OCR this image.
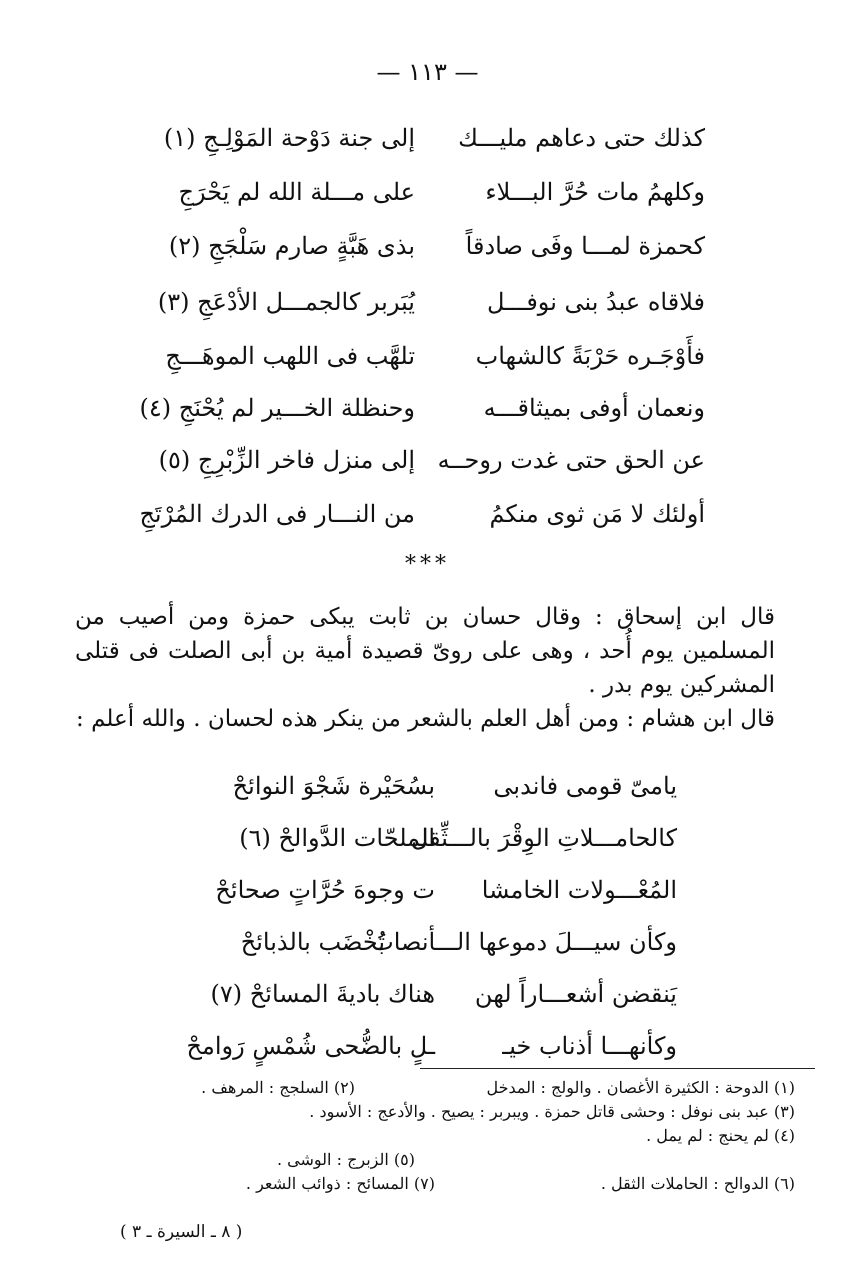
— ١١٣ —
كذلك حتى دعاهم مليـــك
إلى جنة دَوْحة المَوْلِـجِ (١)
وكلهمُ مات حُرَّ البـــلاء
على مـــلة الله لم يَحْرَجِ
كحمزة لمـــا وفَى صادقاً
بذى هَبَّةٍ صارم سَلْجَجِ (٢)
فلاقاه عبدُ بنى نوفـــل
يُبَربر كالجمـــل الأدْعَجِ (٣)
فأَوْجَـره حَرْبَةً كالشهاب
تلهَّب فى اللهب الموهَـــجِ
ونعمان أوفى بميثاقـــه
وحنظلة الخـــير لم يُحْنَجِ (٤)
عن الحق حتى غدت روحــه
إلى منزل فاخر الزِّبْرِجِ (٥)
أولئك لا مَن ثوى منكمُ
من النـــار فى الدرك المُرْتَجِ
***
قال ابن إسحاق : وقال حسان بن ثابت يبكى حمزة ومن أصيب من المسلمين يوم أُحد ، وهى على روىّ قصيدة أمية بن أبى الصلت فى قتلى المشركين يوم بدر .
قال ابن هشام : ومن أهل العلم بالشعر من ينكر هذه لحسان . والله أعلم :
يامىّ قومى فاندبى
بسُحَيْرة شَجْوَ النوائحْ
كالحامـــلاتِ الوِقْرَ بالـــثِّقل
الملحّات الدَّوالحْ (٦)
المُعْـــولات الخامشا
ت وجوهَ حُرَّاتٍ صحائحْ
وكأن سيـــلَ دموعها الـــأنصابُ
تُخْضَب بالذبائحْ
يَنقضن أشعـــاراً لهن
هناك باديةَ المسائحْ (٧)
وكأنهـــا أذناب خيـ
ـلٍ بالضُّحى شُمْسٍ رَوامحْ
(١) الدوحة : الكثيرة الأغصان . والولج : المدخل
(٢) السلجج : المرهف .
(٣) عبد بنى نوفل : وحشى قاتل حمزة . ويبربر : يصيح . والأدعج : الأسود .
(٤) لم يحنج : لم يمل .
(٥) الزبرج : الوشى .
(٦) الدوالح : الحاملات الثقل .
(٧) المسائح : ذوائب الشعر .
( ٨ ـ السيرة ـ ٣ )
